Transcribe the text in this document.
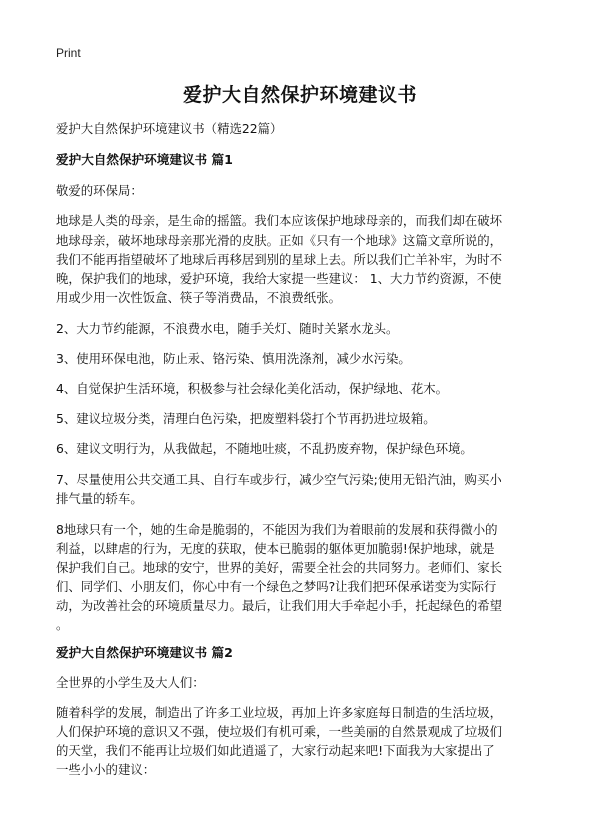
Print
爱护大自然保护环境建议书
爱护大自然保护环境建议书（精选22篇）
爱护大自然保护环境建议书 篇1
敬爱的环保局：
地球是人类的母亲，是生命的摇篮。我们本应该保护地球母亲的，而我们却在破坏
地球母亲，破坏地球母亲那光滑的皮肤。正如《只有一个地球》这篇文章所说的，
我们不能再指望破坏了地球后再移居到别的星球上去。所以我们亡羊补牢，为时不
晚，保护我们的地球，爱护环境，我给大家提一些建议： 1、大力节约资源，不使
用或少用一次性饭盒、筷子等消费品，不浪费纸张。
2、大力节约能源，不浪费水电，随手关灯、随时关紧水龙头。
3、使用环保电池，防止汞、铬污染、慎用洗涤剂，减少水污染。
4、自觉保护生活环境，积极参与社会绿化美化活动，保护绿地、花木。
5、建议垃圾分类，清理白色污染，把废塑料袋打个节再扔进垃圾箱。
6、建议文明行为，从我做起，不随地吐痰，不乱扔废弃物，保护绿色环境。
7、尽量使用公共交通工具、自行车或步行，减少空气污染;使用无铅汽油，购买小
排气量的轿车。
8地球只有一个，她的生命是脆弱的，不能因为我们为着眼前的发展和获得微小的
利益，以肆虐的行为，无度的获取，使本已脆弱的躯体更加脆弱!保护地球，就是
保护我们自己。地球的安宁，世界的美好，需要全社会的共同努力。老师们、家长
们、同学们、小朋友们，你心中有一个绿色之梦吗?让我们把环保承诺变为实际行
动，为改善社会的环境质量尽力。最后，让我们用大手牵起小手，托起绿色的希望
。
爱护大自然保护环境建议书 篇2
全世界的小学生及大人们：
随着科学的发展，制造出了许多工业垃圾，再加上许多家庭每日制造的生活垃圾，
人们保护环境的意识又不强，使垃圾们有机可乘，一些美丽的自然景观成了垃圾们
的天堂，我们不能再让垃圾们如此逍遥了，大家行动起来吧!下面我为大家提出了
一些小小的建议：
